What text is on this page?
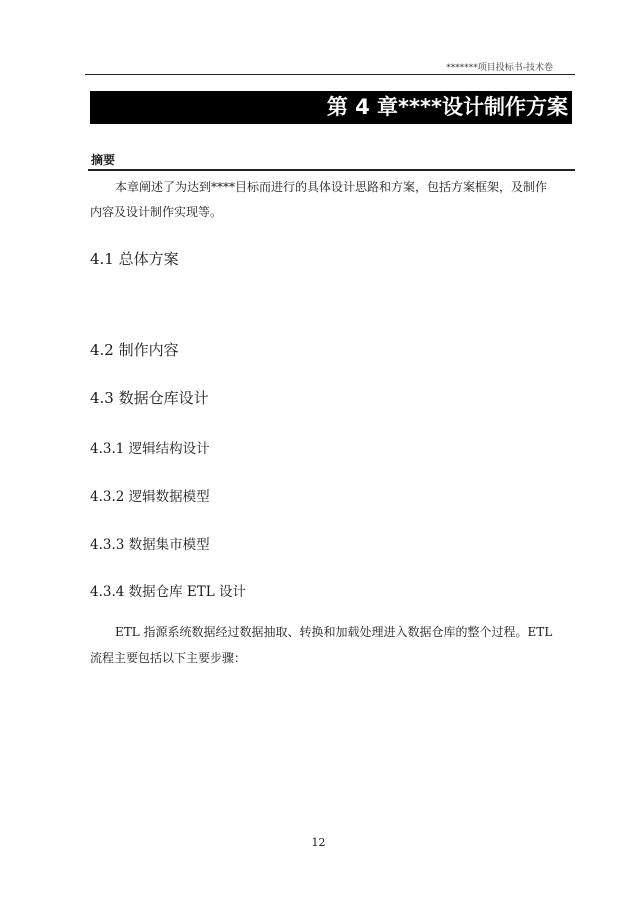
*******项目投标书-技术卷
第 4 章****设计制作方案
摘要
本章阐述了为达到****目标而进行的具体设计思路和方案，包括方案框架，及制作
内容及设计制作实现等。
4.1 总体方案
4.2 制作内容
4.3 数据仓库设计
4.3.1 逻辑结构设计
4.3.2 逻辑数据模型
4.3.3 数据集市模型
4.3.4 数据仓库 ETL 设计
ETL 指源系统数据经过数据抽取、转换和加载处理进入数据仓库的整个过程。ETL
流程主要包括以下主要步骤：
12
